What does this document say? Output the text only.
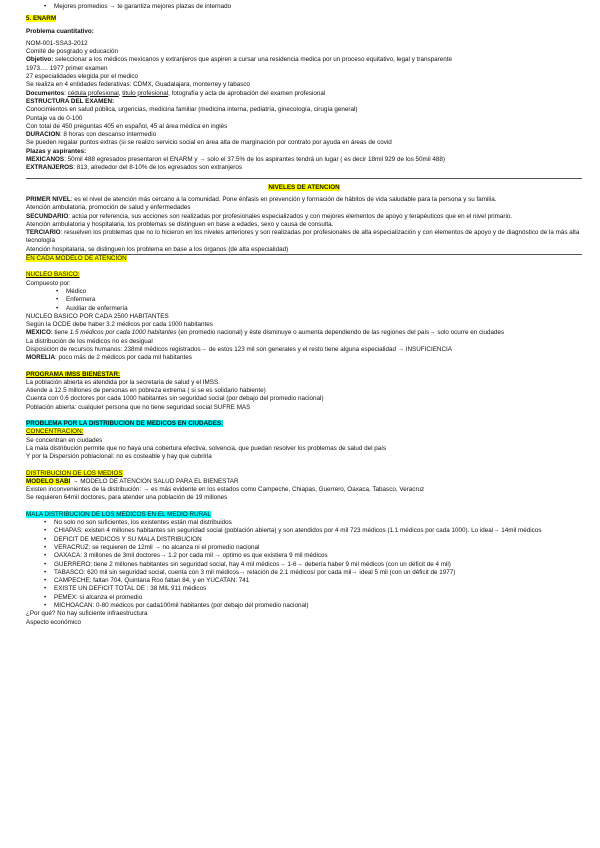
• Mejores promedios → te garantiza mejores plazas de internado
5. ENARM
Problema cuantitativo:
NOM-001-SSA3-2012
Comité de posgrado y educación
Objetivo: seleccionar a los médicos mexicanos y extranjeros que aspiren a cursar una residencia medica por un proceso equitativo, legal y transparente
1973…. 1977 primer examen
27 especialidades elegida por el medico
Se realiza en 4 entidades federativas: CDMX, Guadalajara, monterrey y tabasco
Documentos: cédula profesional, titulo profesional, fotografía y acta de aprobación del examen profesional
ESTRUCTURA DEL EXAMEN:
Conocimientos en salud pública, urgencias, medicina familiar (medicina interna, pediatría, ginecología, cirugía general)
Puntaje va de 0-100
Con total de 450 preguntas 405 en español, 45 al área médica en inglés
DURACION: 8 horas con descanso intermedio
Se pueden regalar puntos extras (si se realizo servicio social en área alta de marginación por contrato por ayuda en áreas de covid
Plazas y aspirantes:
MEXICANOS: 50mil 488 egresados presentaron el ENARM y → solo el 37.5% de los aspirantes tendrá un lugar ( es decir 18mil 929 de los 50mil 488)
EXTRANJEROS: 813, alrededor del 8-10% de los egresados son extranjeros
NIVELES DE ATENCIÓN
PRIMER NIVEL: es el nivel de atención más cercano a la comunidad. Pone énfasis en prevención y formación de hábitos de vida saludable para la persona y su familia.
Atención ambulatoria, promoción de salud y enfermedades
SECUNDARIO: actúa por referencia, sus acciones son realizadas por profesionales especializados y con mejores elementos de apoyo y terapéuticos que en el nivel primario.
Atención ambulatoria y hospitalaria, los problemas se distinguen en base a edades, sexo y causa de consulta.
TERCIARIO: resuelven los problemas que no lo hicieron en los niveles anteriores y son realizadas por profesionales de alta especialización y con elementos de apoyo y de diagnóstico de la más alta tecnología
Atención hospitalaria, se distinguen los problema en base a los órganos (de alta especialidad)
EN CADA MODELO DE ATENCION
NUCLEO BASICO:
Compuesto por:
• Médico
• Enfermera
• Auxiliar de enfermería
NUCLEO BASICO POR CADA 2500 HABITANTES
Según la OCDE debe haber 3.2 médicos por cada 1000 habitantes
MÉXICO: tiene 1.5 médicos por cada 1000 habitantes (en promedio nacional) y éste disminuye o aumenta dependiendo de las regiones del país→ solo ocurre en ciudades
La distribución de los médicos no es desigual
Disposición de recursos humanos: 238mil médicos registrados→ de estos 123 mil son generales y el resto tiene alguna especialidad → INSUFICIENCIA
MORELIA: poco más de 2 médicos por cada mil habitantes
PROGRAMA IMSS BIENESTAR:
La población abierta es atendida por la secretaria de salud y el IMSS.
Atiende a 12.5 millones de personas en pobreza extrema ( si se es solidario habiente)
Cuenta con 0.6 doctores por cada 1000 habitantes sin seguridad social (por debajo del promedio nacional)
Población abierta: cualquier persona que no tiene seguridad social SUFRE MÁS
PROBLEMA POR LA DISTRIBUCION DE MEDICOS EN CIUDADES:
CONCENTRACION:
Se concentran en ciudades
La mala distribución permite que no haya una cobertura efectiva, solvencia, que puedan resolver los problemas de salud del país
Y por la Dispersión poblacional: no es costeable y hay que cubrirla
DISTRIBUCION DE LOS MEDIOS
MODELO SABI → MODELO DE ATENCION SALUD PARA EL BIENESTAR
Existen inconvenientes de la distribución: → es más evidente en los estados como Campeche, Chiapas, Guerrero, Oaxaca, Tabasco, Veracruz
Se requieren 64mil doctores, para atender una población de 19 millones
MALA DISTRIBUCION DE LOS MEDICOS EN EL MEDIO RURAL
• No solo no son suficientes, los existentes están mal distribuidos
• CHIAPAS: existen 4 millones habitantes sin seguridad social (población abierta) y son atendidos por 4 mil 723 médicos (1.1 médicos por cada 1000). Lo ideal→ 14mil médicos
• DEFICIT DE MEDICOS Y SU MALA DISTRIBUCION
• VERACRUZ: se requieren de 12mil → no alcanza ni el promedio nacional
• OAXACA: 3 millones de 3mil doctores→ 1.2 por cada mil → optimo es que existiera 9 mil médicos
• GUERRERO: tiene 2 millones habitantes sin seguridad social, hay 4 mil médicos→ 1-6→ debería haber 9 mil médicos (con un déficit de 4 mil)
• TABASCO: 620 mil sin seguridad social, cuenta con 3 mil médicos→ relación de 2.1 médicos/ por cada mil→ ideal 5 mil (con un déficit de 1977)
• CAMPECHE: faltan 704, Quintana Roo faltan 84, y en YUCATAN: 741
• EXISTE UN DEFICIT TOTAL DE : 38 MIL 911 médicos
• PEMEX: si alcanza el promedio
• MICHOACAN: 0-80 médicos por cada100mil habitantes (por debajo del promedio nacional)
¿Por qué? No hay suficiente infraestructura
Aspecto económico
